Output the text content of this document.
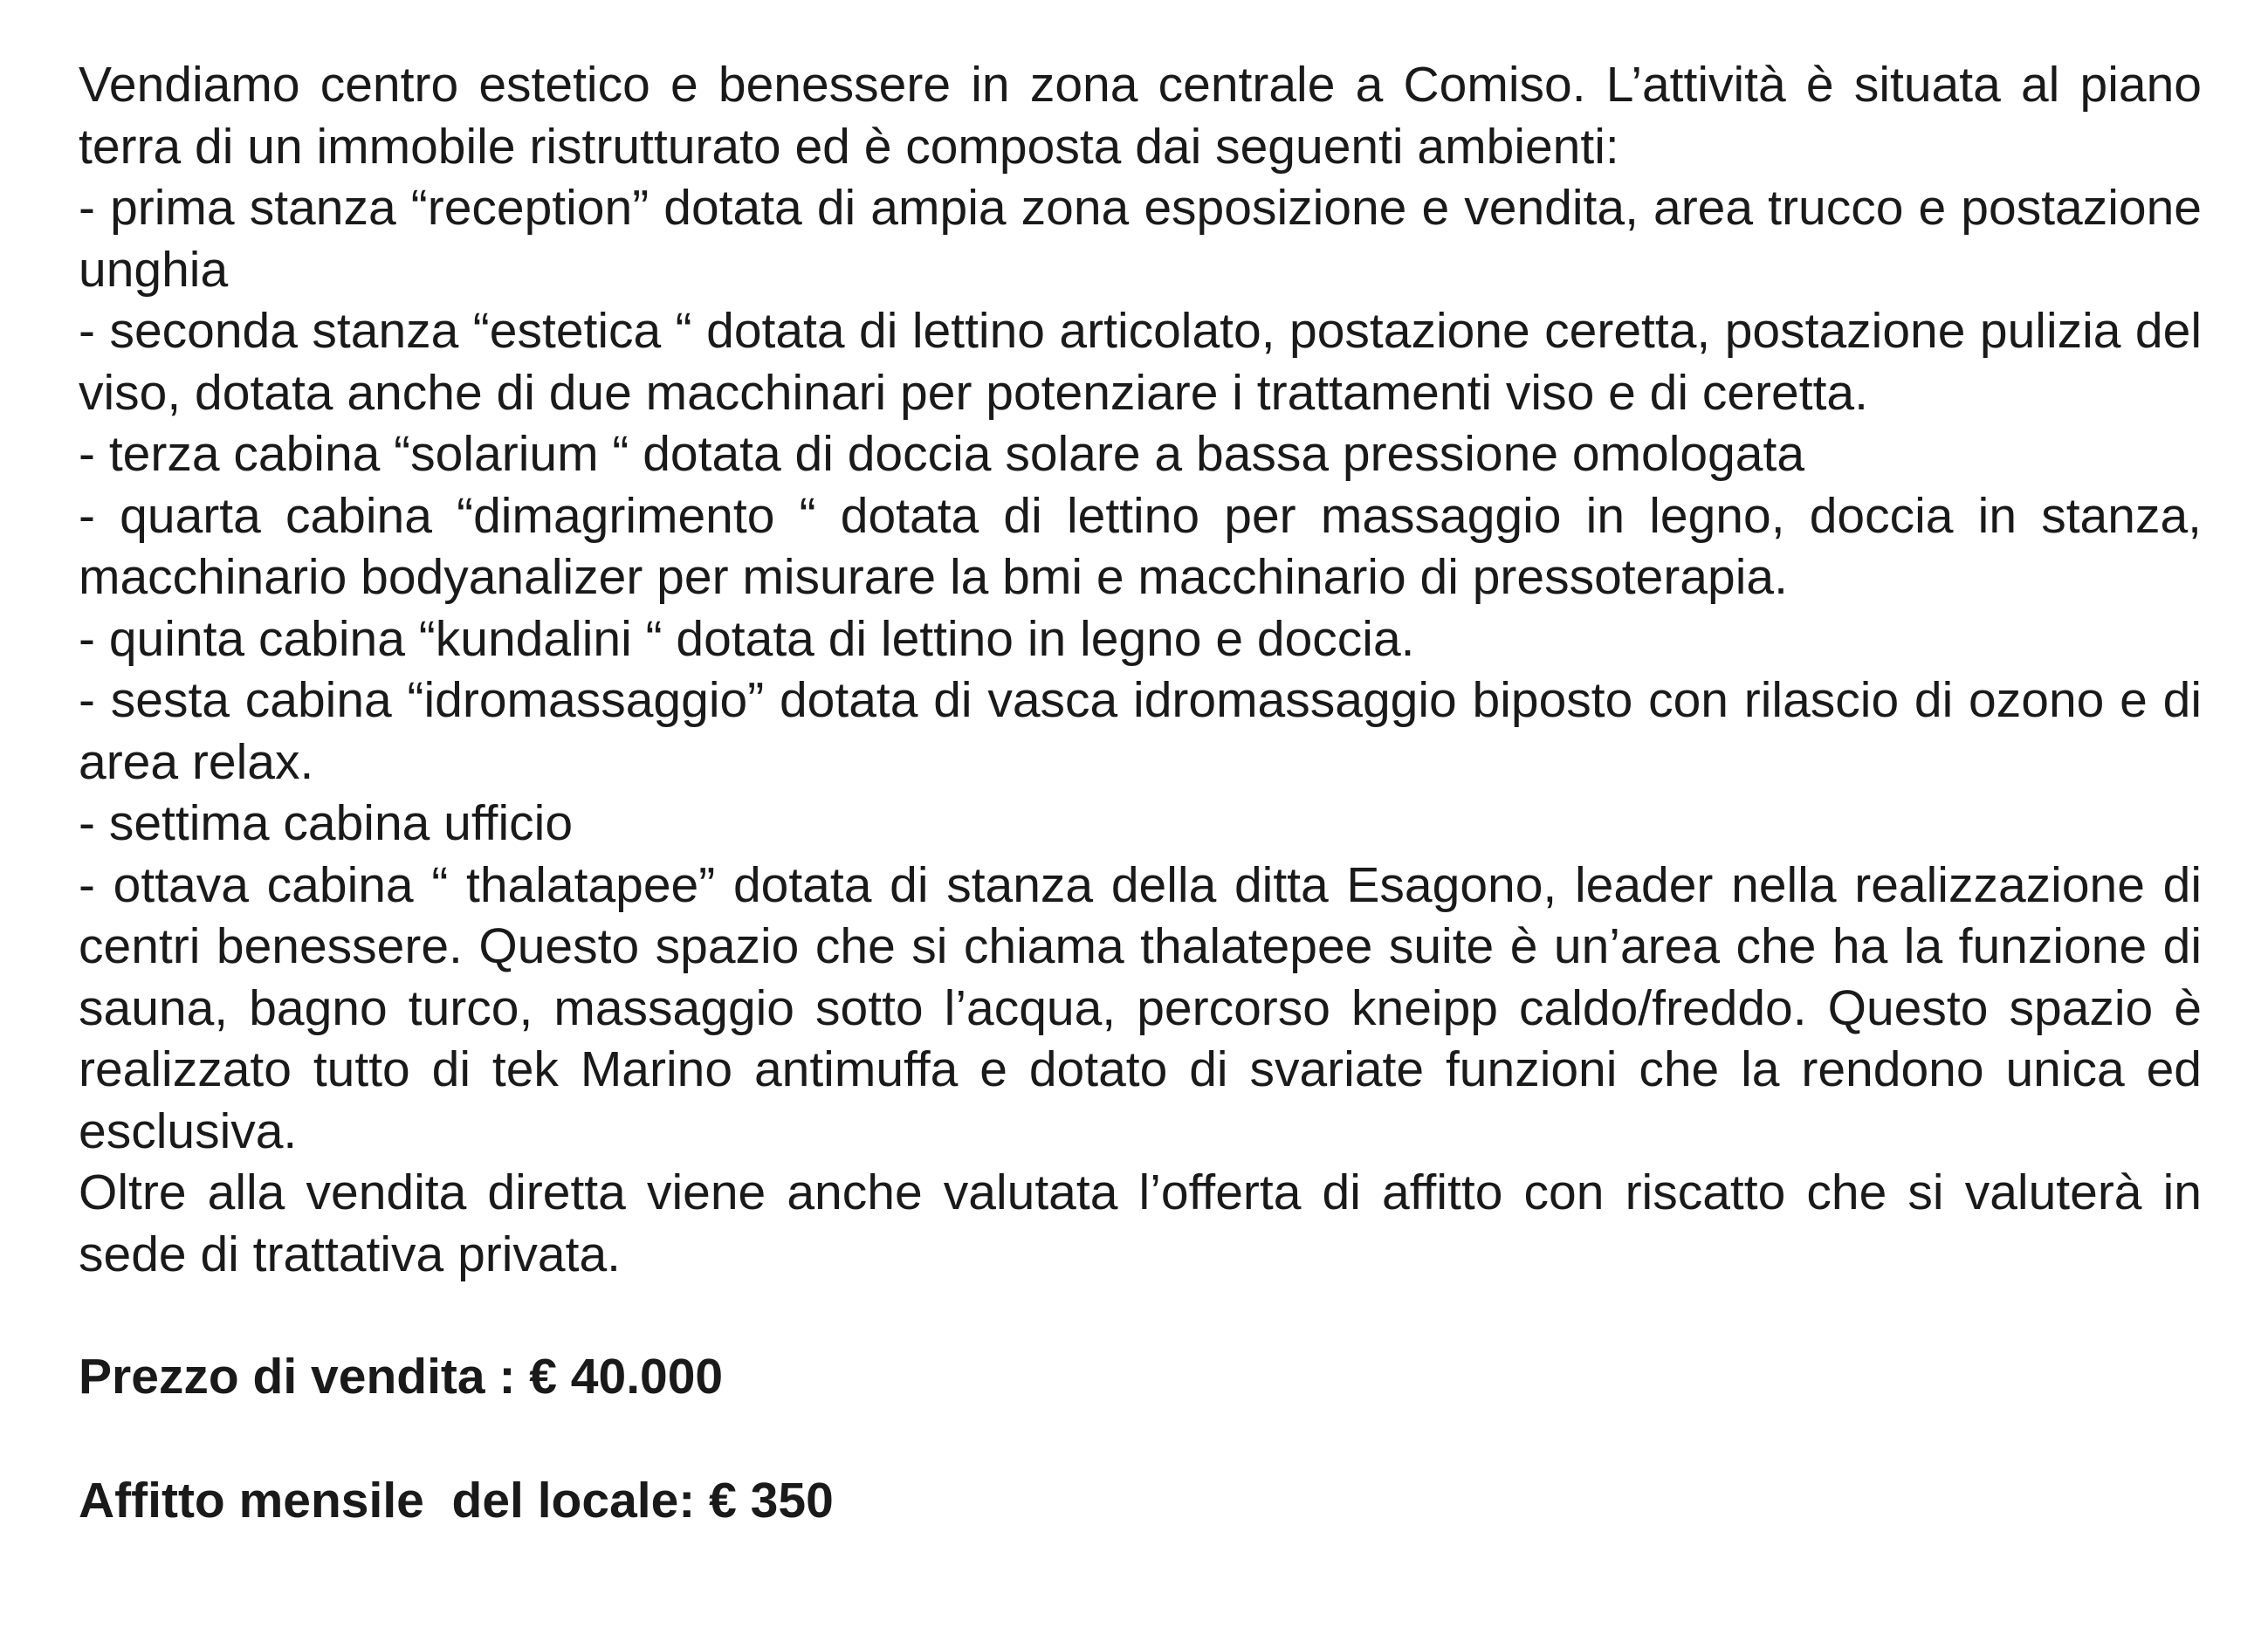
Vendiamo centro estetico e benessere in zona centrale a Comiso. L’attività è situata al piano terra di un immobile ristrutturato ed è composta dai seguenti ambienti:

- prima stanza “reception” dotata di ampia zona esposizione e vendita, area trucco e postazione unghia
- seconda stanza “estetica “ dotata di lettino articolato, postazione ceretta, postazione pulizia del viso, dotata anche di due macchinari per potenziare i trattamenti viso e di ceretta.
- terza cabina “solarium “ dotata di doccia solare a bassa pressione omologata
- quarta cabina “dimagrimento “ dotata di lettino per massaggio in legno, doccia in stanza, macchinario bodyanalizer per misurare la bmi e macchinario di pressoterapia.
- quinta cabina “kundalini “ dotata di lettino in legno e doccia.
- sesta cabina “idromassaggio” dotata di vasca idromassaggio biposto con rilascio di ozono e di area relax.
- settima cabina ufficio
- ottava cabina “ thalatapee” dotata di stanza della ditta Esagono, leader nella realizzazione di centri benessere. Questo spazio che si chiama thalatepee suite è un’area che ha la funzione di sauna, bagno turco, massaggio sotto l’acqua, percorso kneipp caldo/freddo. Questo spazio è realizzato tutto di tek Marino antimuffa e dotato di svariate funzioni che la rendono unica ed esclusiva.

Oltre alla vendita diretta viene anche valutata l’offerta di affitto con riscatto che si valuterà in sede di trattativa privata.

Prezzo di vendita : € 40.000

Affitto mensile  del locale: € 350
